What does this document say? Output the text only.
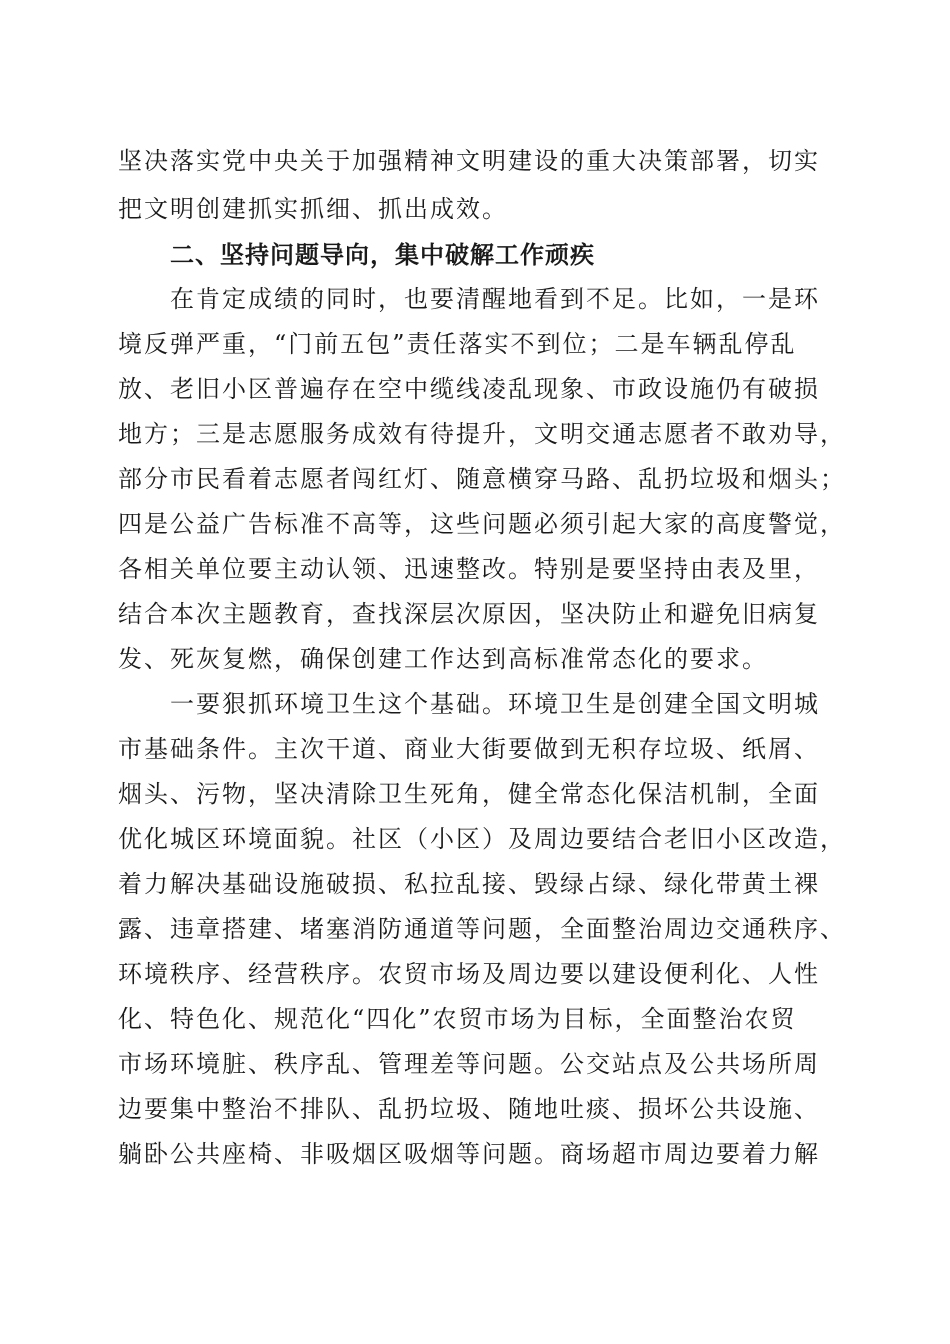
坚决落实党中央关于加强精神文明建设的重大决策部署，切实
把文明创建抓实抓细、抓出成效。
二、坚持问题导向，集中破解工作顽疾
在肯定成绩的同时，也要清醒地看到不足。比如，一是环
境反弹严重，“门前五包”责任落实不到位；二是车辆乱停乱
放、老旧小区普遍存在空中缆线凌乱现象、市政设施仍有破损
地方；三是志愿服务成效有待提升，文明交通志愿者不敢劝导，
部分市民看着志愿者闯红灯、随意横穿马路、乱扔垃圾和烟头；
四是公益广告标准不高等，这些问题必须引起大家的高度警觉，
各相关单位要主动认领、迅速整改。特别是要坚持由表及里，
结合本次主题教育，查找深层次原因，坚决防止和避免旧病复
发、死灰复燃，确保创建工作达到高标准常态化的要求。
一要狠抓环境卫生这个基础。环境卫生是创建全国文明城
市基础条件。主次干道、商业大街要做到无积存垃圾、纸屑、
烟头、污物，坚决清除卫生死角，健全常态化保洁机制，全面
优化城区环境面貌。社区（小区）及周边要结合老旧小区改造，
着力解决基础设施破损、私拉乱接、毁绿占绿、绿化带黄土裸
露、违章搭建、堵塞消防通道等问题，全面整治周边交通秩序、
环境秩序、经营秩序。农贸市场及周边要以建设便利化、人性
化、特色化、规范化“四化”农贸市场为目标，全面整治农贸
市场环境脏、秩序乱、管理差等问题。公交站点及公共场所周
边要集中整治不排队、乱扔垃圾、随地吐痰、损坏公共设施、
躺卧公共座椅、非吸烟区吸烟等问题。商场超市周边要着力解
